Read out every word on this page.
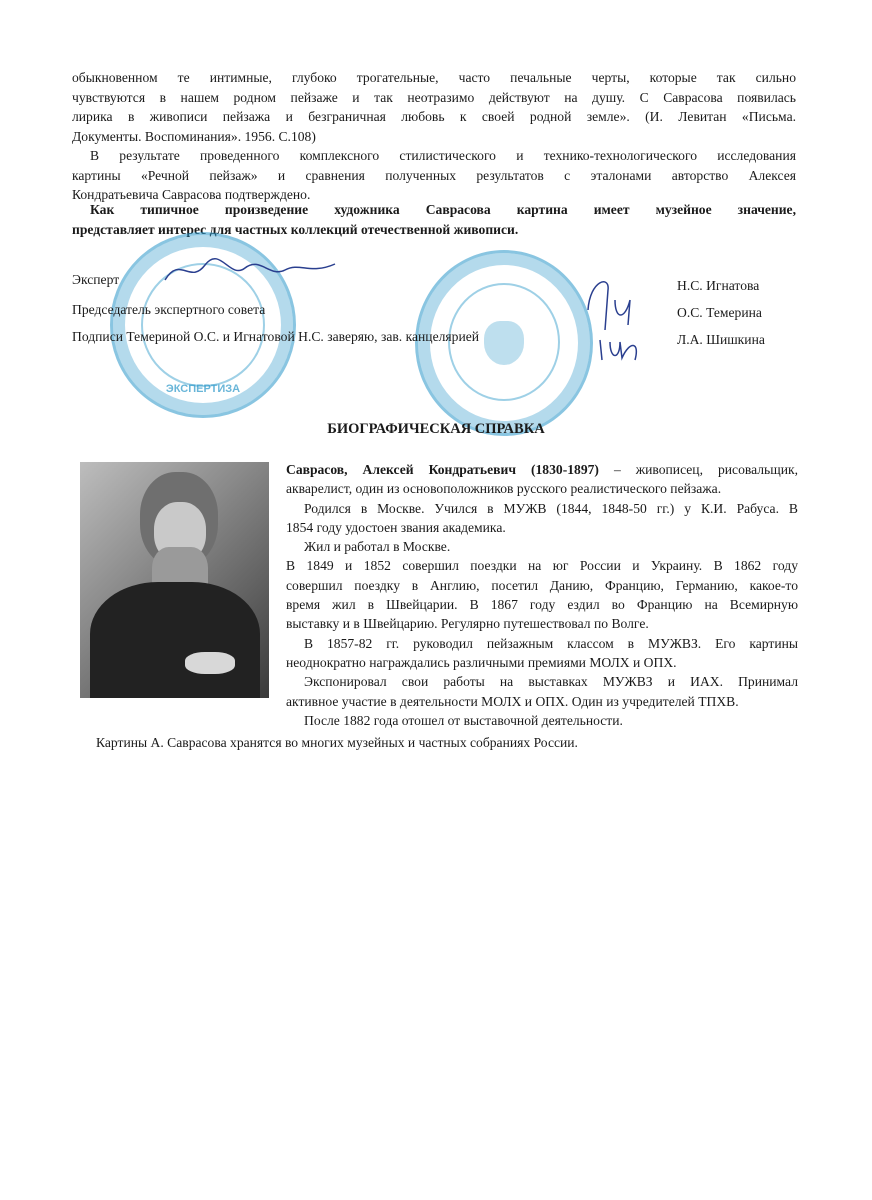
обыкновенном те интимные, глубоко трогательные, часто печальные черты, которые так сильно
чувствуются в нашем родном пейзаже и так неотразимо действуют на душу. С Саврасова появилась
лирика в живописи пейзажа и безграничная любовь к своей родной земле». (И. Левитан «Письма.
Документы. Воспоминания». 1956. С.108)
В результате проведенного комплексного стилистического и технико-технологического исследования
картины «Речной пейзаж» и сравнения полученных результатов с эталонами авторство Алексея
Кондратьевича Саврасова подтверждено.
Как типичное произведение художника Саврасова картина имеет музейное значение,
представляет интерес для частных коллекций отечественной живописи.
ЭКСПЕРТИЗА
Эксперт
Председатель экспертного совета
Подписи Темериной О.С. и Игнатовой Н.С. заверяю, зав. канцелярией
Н.С. Игнатова
О.С. Темерина
Л.А. Шишкина
БИОГРАФИЧЕСКАЯ СПРАВКА
Саврасов, Алексей Кондратьевич (1830-1897) – живописец, рисовальщик,
акварелист, один из основоположников русского реалистического пейзажа.
Родился в Москве. Учился в МУЖВ (1844, 1848-50 гг.) у К.И. Рабуса. В
1854 году удостоен звания академика.
Жил и работал в Москве.
В 1849 и 1852 совершил поездки на юг России и Украину. В 1862 году
совершил поездку в Англию, посетил Данию, Францию, Германию, какое-то
время жил в Швейцарии. В 1867 году ездил во Францию на Всемирную
выставку и в Швейцарию. Регулярно путешествовал по Волге.
В 1857-82 гг. руководил пейзажным классом в МУЖВЗ. Его картины
неоднократно награждались различными премиями МОЛХ и ОПХ.
Экспонировал свои работы на выставках МУЖВЗ и ИАХ. Принимал
активное участие в деятельности МОЛХ и ОПХ. Один из учредителей ТПХВ.
После 1882 года отошел от выставочной деятельности.
Картины А. Саврасова хранятся во многих музейных и частных собраниях России.
